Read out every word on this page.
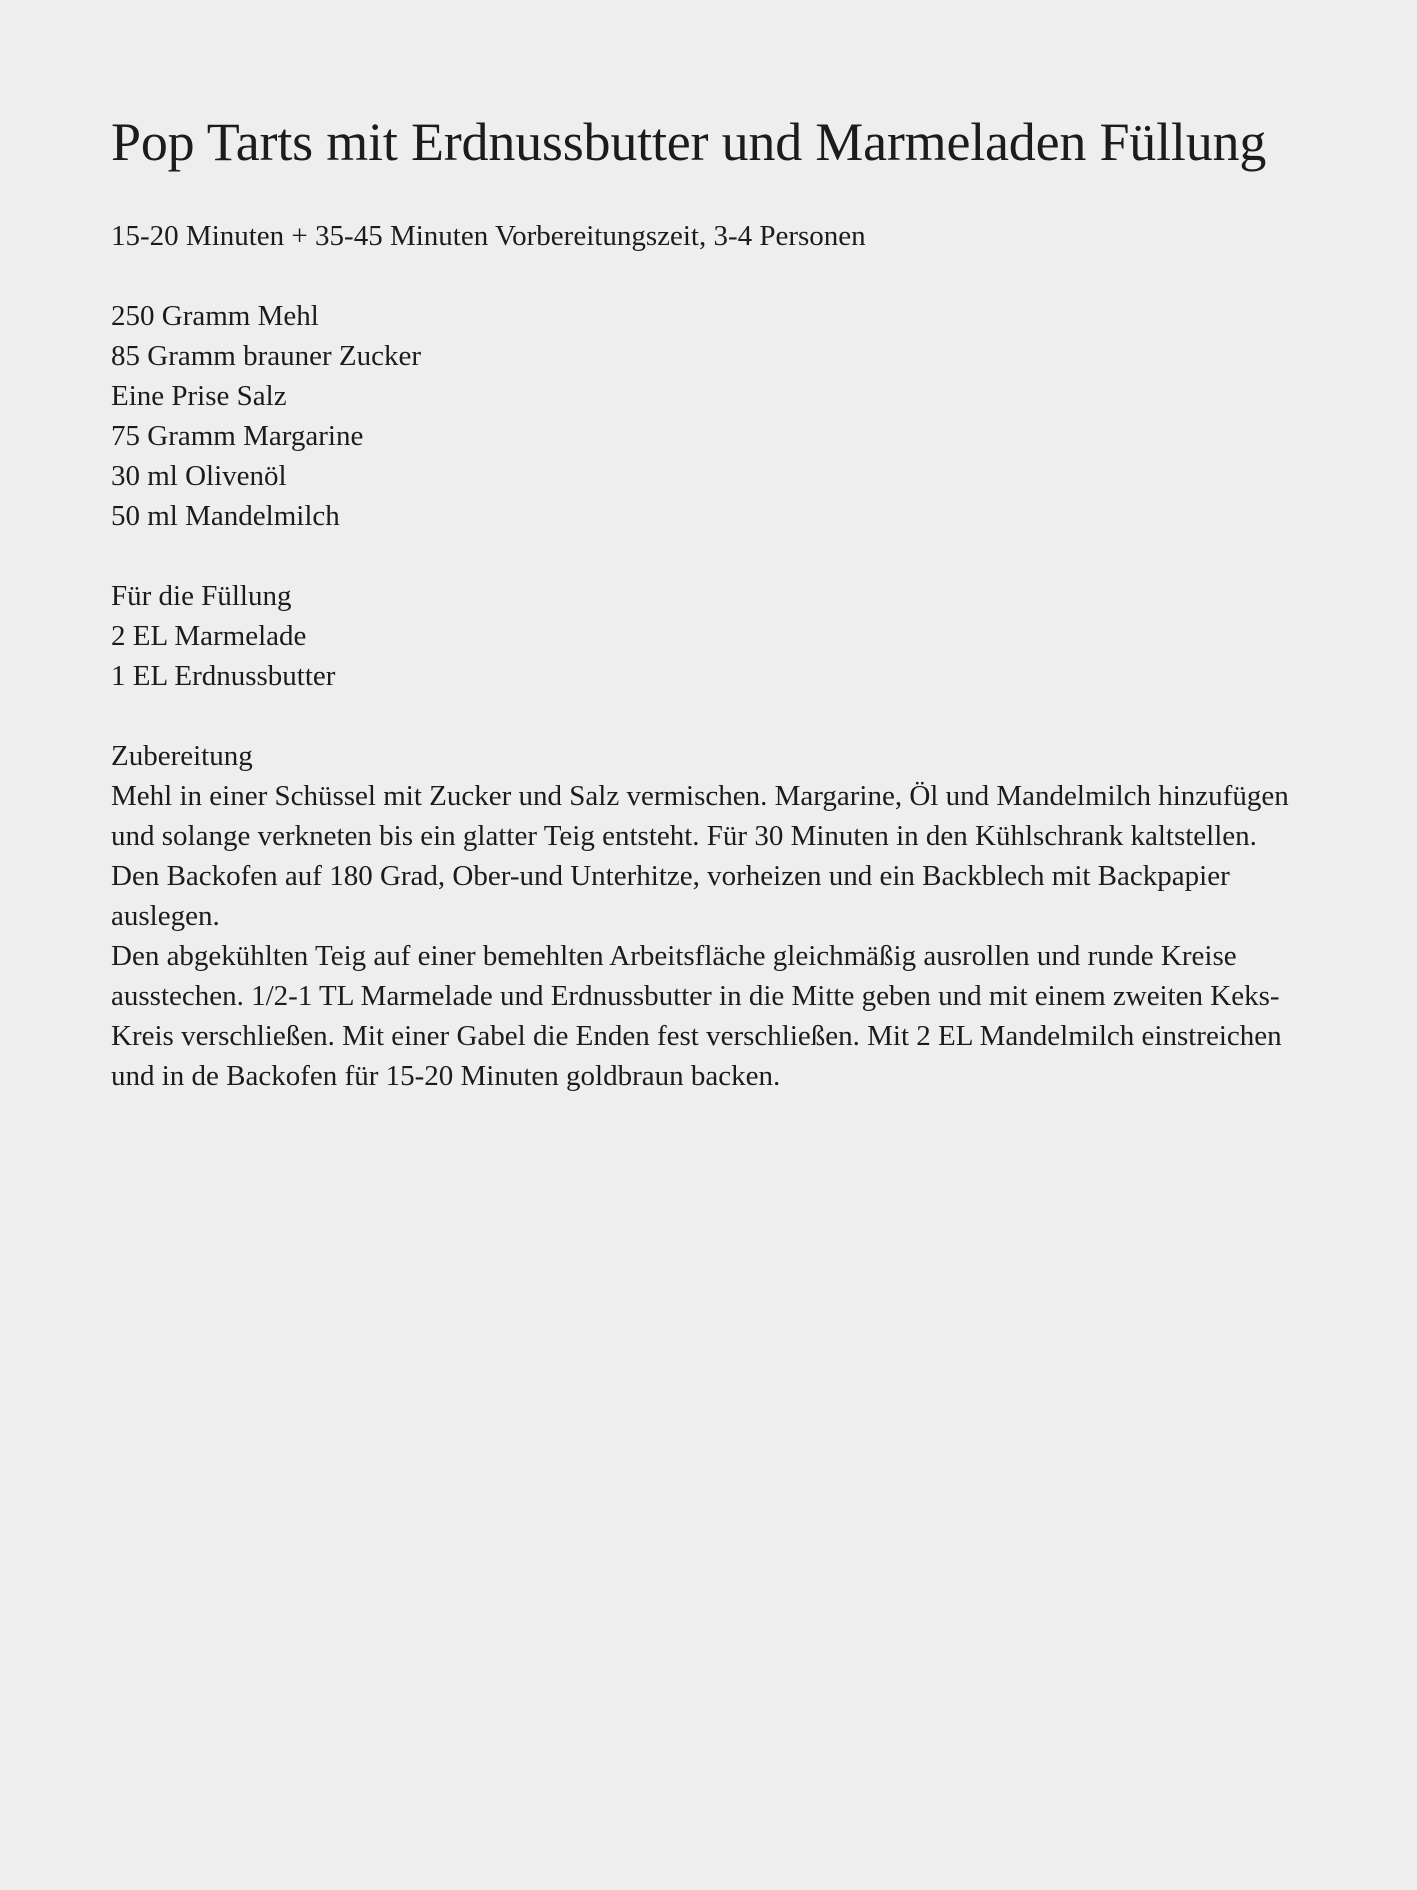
Pop Tarts mit Erdnussbutter und Marmeladen Füllung

15-20 Minuten + 35-45 Minuten Vorbereitungszeit, 3-4 Personen

250 Gramm Mehl
85 Gramm brauner Zucker
Eine Prise Salz
75 Gramm Margarine
30 ml Olivenöl
50 ml Mandelmilch
Für die Füllung
2 EL Marmelade
1 EL Erdnussbutter
Zubereitung
Mehl in einer Schüssel mit Zucker und Salz vermischen. Margarine, Öl und Mandelmilch hinzufügen und solange verkneten bis ein glatter Teig entsteht. Für 30 Minuten in den Kühlschrank kaltstellen.
Den Backofen auf 180 Grad, Ober-und Unterhitze, vorheizen und ein Backblech mit Backpapier auslegen.
Den abgekühlten Teig auf einer bemehlten Arbeitsfläche gleichmäßig ausrollen und runde Kreise ausstechen. 1/2-1 TL Marmelade und Erdnussbutter in die Mitte geben und mit einem zweiten Keks-Kreis verschließen. Mit einer Gabel die Enden fest verschließen. Mit 2 EL Mandelmilch einstreichen und in de Backofen für 15-20 Minuten goldbraun backen.
